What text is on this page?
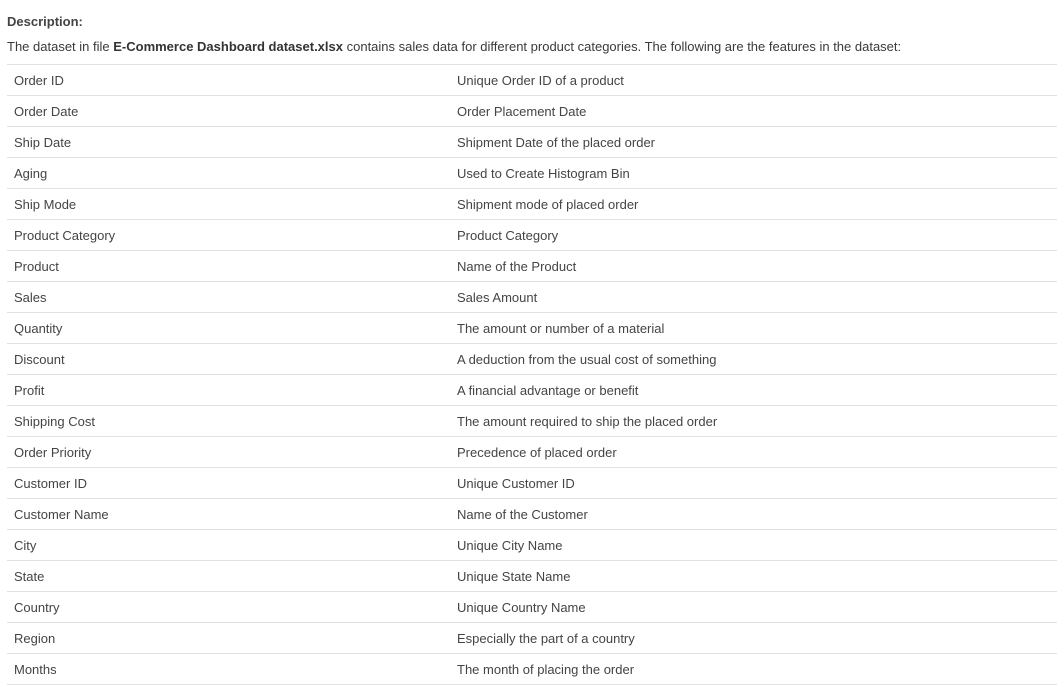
Description:

The dataset in file E-Commerce Dashboard dataset.xlsx contains sales data for different product categories. The following are the features in the dataset:
Order ID	Unique Order ID of a product
Order Date	Order Placement Date
Ship Date	Shipment Date of the placed order
Aging	Used to Create Histogram Bin
Ship Mode	Shipment mode of placed order
Product Category	Product Category
Product	Name of the Product
Sales	Sales Amount
Quantity	The amount or number of a material
Discount	A deduction from the usual cost of something
Profit	A financial advantage or benefit
Shipping Cost	The amount required to ship the placed order
Order Priority	Precedence of placed order
Customer ID	Unique Customer ID
Customer Name	Name of the Customer
City	Unique City Name
State	Unique State Name
Country	Unique Country Name
Region	Especially the part of a country
Months	The month of placing the order
